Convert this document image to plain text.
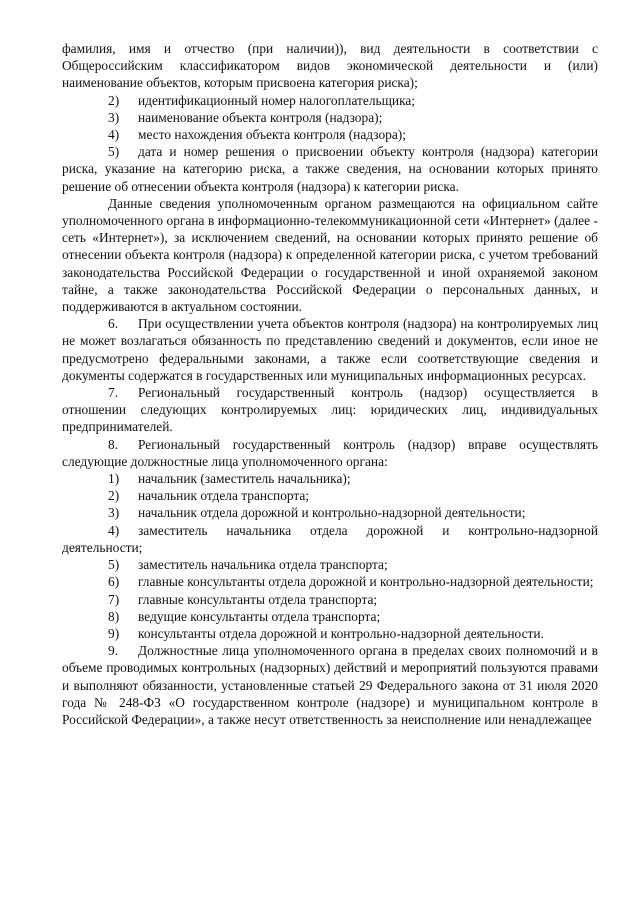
фамилия, имя и отчество (при наличии)), вид деятельности в соответствии с Общероссийским классификатором видов экономической деятельности и (или) наименование объектов, которым присвоена категория риска);

2) идентификационный номер налогоплательщика;

3) наименование объекта контроля (надзора);

4) место нахождения объекта контроля (надзора);

5) дата и номер решения о присвоении объекту контроля (надзора) категории риска, указание на категорию риска, а также сведения, на основании которых принято решение об отнесении объекта контроля (надзора) к категории риска.

Данные сведения уполномоченным органом размещаются на официальном сайте уполномоченного органа в информационно-телекоммуникационной сети «Интернет» (далее - сеть «Интернет»), за исключением сведений, на основании которых принято решение об отнесении объекта контроля (надзора) к определенной категории риска, с учетом требований законодательства Российской Федерации о государственной и иной охраняемой законом тайне, а также законодательства Российской Федерации о персональных данных, и поддерживаются в актуальном состоянии.

6. При осуществлении учета объектов контроля (надзора) на контролируемых лиц не может возлагаться обязанность по представлению сведений и документов, если иное не предусмотрено федеральными законами, а также если соответствующие сведения и документы содержатся в государственных или муниципальных информационных ресурсах.

7. Региональный государственный контроль (надзор) осуществляется в отношении следующих контролируемых лиц: юридических лиц, индивидуальных предпринимателей.

8. Региональный государственный контроль (надзор) вправе осуществлять следующие должностные лица уполномоченного органа:

1) начальник (заместитель начальника);

2) начальник отдела транспорта;

3) начальник отдела дорожной и контрольно-надзорной деятельности;

4) заместитель начальника отдела дорожной и контрольно-надзорной деятельности;

5) заместитель начальника отдела транспорта;

6) главные консультанты отдела дорожной и контрольно-надзорной деятельности;

7) главные консультанты отдела транспорта;

8) ведущие консультанты отдела транспорта;

9) консультанты отдела дорожной и контрольно-надзорной деятельности.

9. Должностные лица уполномоченного органа в пределах своих полномочий и в объеме проводимых контрольных (надзорных) действий и мероприятий пользуются правами и выполняют обязанности, установленные статьей 29 Федерального закона от 31 июля 2020 года № 248-ФЗ «О государственном контроле (надзоре) и муниципальном контроле в Российской Федерации», а также несут ответственность за неисполнение или ненадлежащее
